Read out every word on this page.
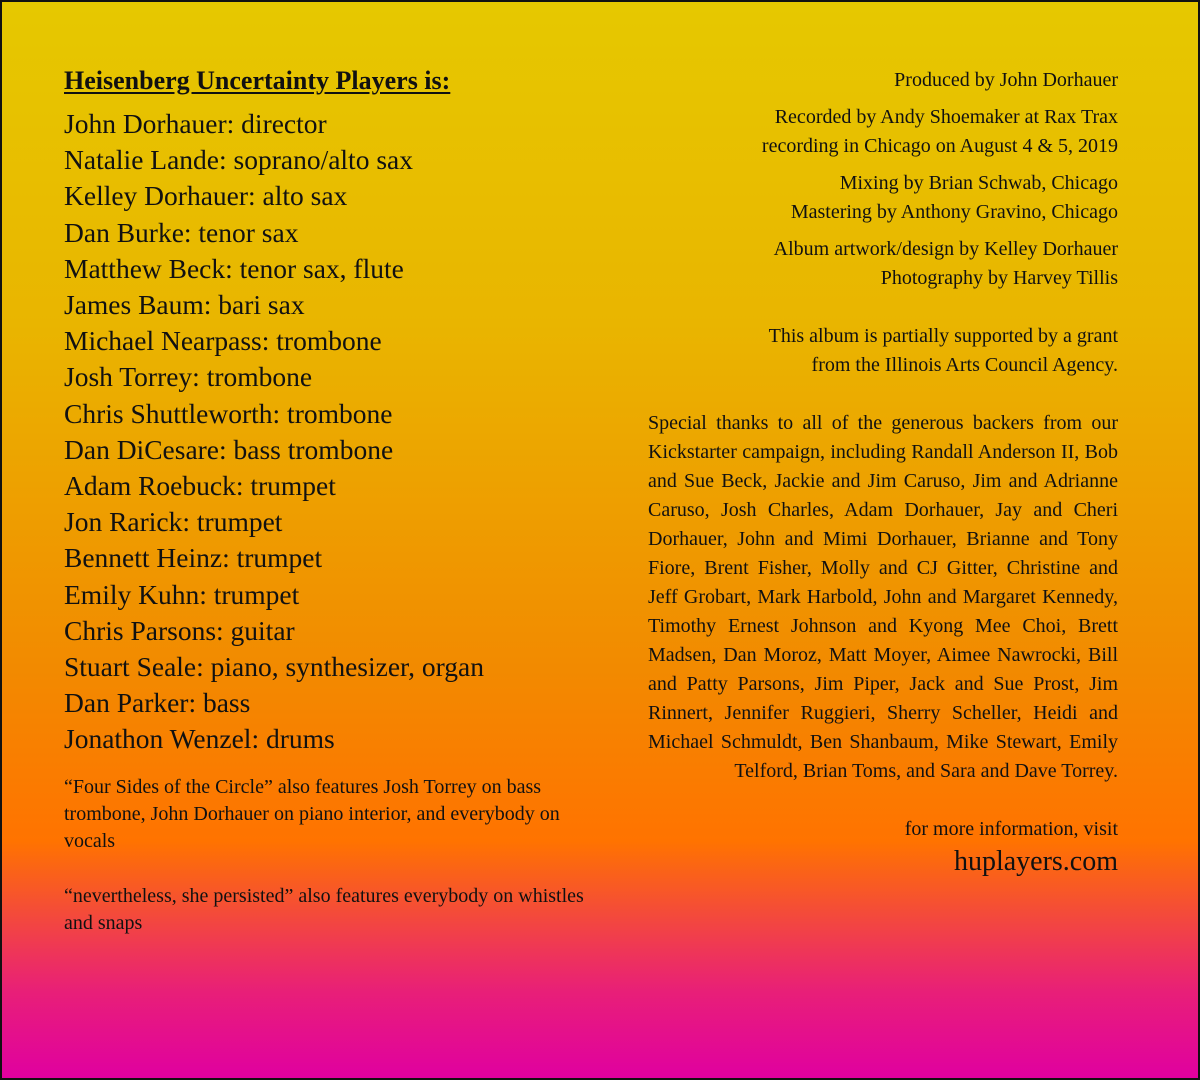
Heisenberg Uncertainty Players is:
John Dorhauer: director
Natalie Lande: soprano/alto sax
Kelley Dorhauer: alto sax
Dan Burke: tenor sax
Matthew Beck: tenor sax, flute
James Baum: bari sax
Michael Nearpass: trombone
Josh Torrey: trombone
Chris Shuttleworth: trombone
Dan DiCesare: bass trombone
Adam Roebuck: trumpet
Jon Rarick: trumpet
Bennett Heinz: trumpet
Emily Kuhn: trumpet
Chris Parsons: guitar
Stuart Seale: piano, synthesizer, organ
Dan Parker: bass
Jonathon Wenzel: drums
“Four Sides of the Circle” also features Josh Torrey on bass trombone, John Dorhauer on piano interior, and everybody on vocals
“nevertheless, she persisted” also features everybody on whistles and snaps
Produced by John Dorhauer
Recorded by Andy Shoemaker at Rax Trax
recording in Chicago on August 4 & 5, 2019
Mixing by Brian Schwab, Chicago
Mastering by Anthony Gravino, Chicago
Album artwork/design by Kelley Dorhauer
Photography by Harvey Tillis
This album is partially supported by a grant
from the Illinois Arts Council Agency.
Special thanks to all of the generous backers from our Kickstarter campaign, including Randall Anderson II, Bob and Sue Beck, Jackie and Jim Caruso, Jim and Adrianne Caruso, Josh Charles, Adam Dorhauer, Jay and Cheri Dorhauer, John and Mimi Dorhauer, Brianne and Tony Fiore, Brent Fisher, Molly and CJ Gitter, Christine and Jeff Grobart, Mark Harbold, John and Margaret Kennedy, Timothy Ernest Johnson and Kyong Mee Choi, Brett Madsen, Dan Moroz, Matt Moyer, Aimee Nawrocki, Bill and Patty Parsons, Jim Piper, Jack and Sue Prost, Jim Rinnert, Jennifer Ruggieri, Sherry Scheller, Heidi and Michael Schmuldt, Ben Shanbaum, Mike Stewart, Emily Telford, Brian Toms, and Sara and Dave Torrey.
for more information, visit
huplayers.com
